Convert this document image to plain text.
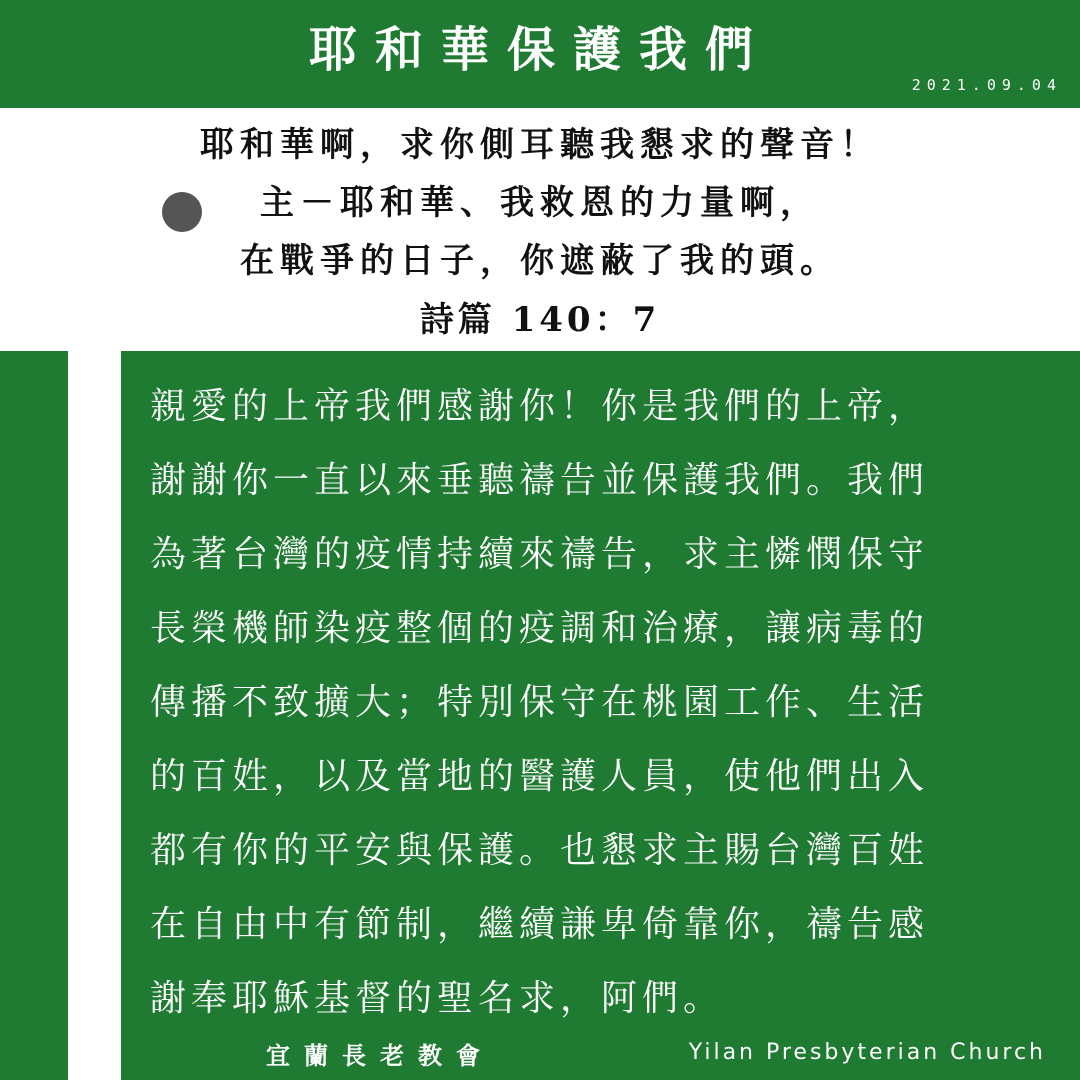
耶和華保護我們
2021.09.04
耶和華啊，求你側耳聽我懇求的聲音！
主－耶和華、我救恩的力量啊，
在戰爭的日子，你遮蔽了我的頭。
詩篇 140：7
親愛的上帝我們感謝你！你是我們的上帝，
謝謝你一直以來垂聽禱告並保護我們。我們
為著台灣的疫情持續來禱告，求主憐憫保守
長榮機師染疫整個的疫調和治療，讓病毒的
傳播不致擴大；特別保守在桃園工作、生活
的百姓，以及當地的醫護人員，使他們出入
都有你的平安與保護。也懇求主賜台灣百姓
在自由中有節制，繼續謙卑倚靠你，禱告感
謝奉耶穌基督的聖名求，阿們。
宜蘭長老教會	Yilan Presbyterian Church
